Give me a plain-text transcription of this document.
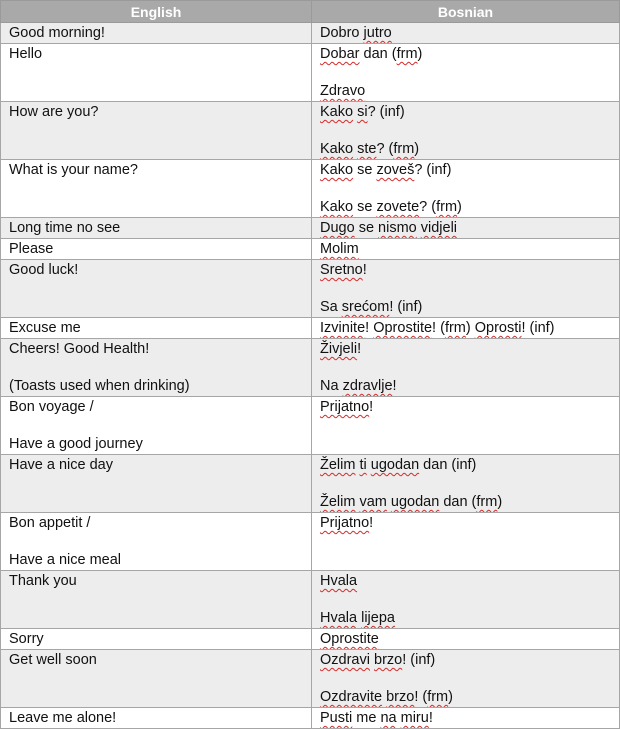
English	Bosnian

Good morning!	Dobro jutro

Hello	Dobar dan (frm)
Zdravo

How are you?	Kako si? (inf)
Kako ste? (frm)

What is your name?	Kako se zoveš? (inf)
Kako se zovete? (frm)

Long time no see	Dugo se nismo vidjeli

Please	Molim

Good luck!	Sretno!
Sa srećom! (inf)

Excuse me	Izvinite! Oprostite! (frm) Oprosti! (inf)

Cheers! Good Health!
(Toasts used when drinking)	Živjeli!
Na zdravlje!

Bon voyage /
Have a good journey	Prijatno!

Have a nice day	Želim ti ugodan dan (inf)
Želim vam ugodan dan (frm)

Bon appetit /
Have a nice meal	Prijatno!

Thank you	Hvala
Hvala lijepa

Sorry	Oprostite

Get well soon	Ozdravi brzo! (inf)
Ozdravite brzo! (frm)

Leave me alone!	Pusti me na miru!
